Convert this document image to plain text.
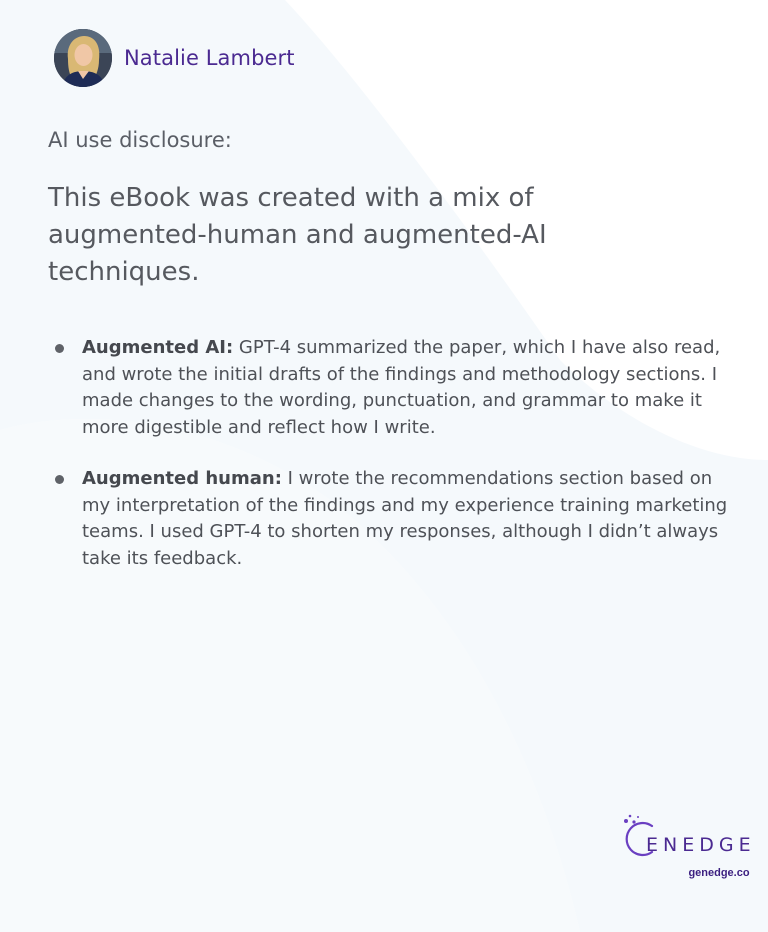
Natalie Lambert
AI use disclosure:
This eBook was created with a mix of augmented-human and augmented-AI techniques.
Augmented AI: GPT-4 summarized the paper, which I have also read, and wrote the initial drafts of the findings and methodology sections. I made changes to the wording, punctuation, and grammar to make it more digestible and reflect how I write.
Augmented human: I wrote the recommendations section based on my interpretation of the findings and my experience training marketing teams. I used GPT-4 to shorten my responses, although I didn’t always take its feedback.
ENEDGE
genedge.co
